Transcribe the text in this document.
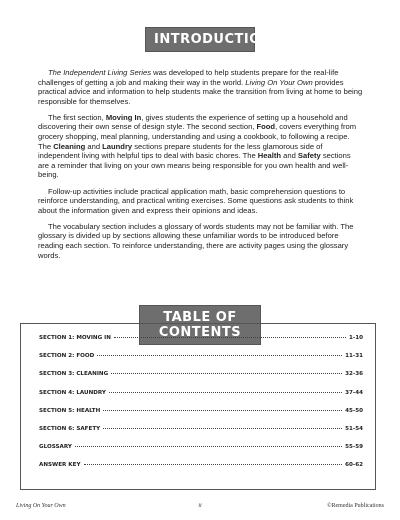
INTRODUCTION

The Independent Living Series was developed to help students prepare for the real-life challenges of getting a job and making their way in the world. Living On Your Own provides practical advice and information to help students make the transition from living at home to being responsible for themselves.

The first section, Moving In, gives students the experience of setting up a household and discovering their own sense of design style. The second section, Food, covers everything from grocery shopping, meal planning, understanding and using a cookbook, to following a recipe. The Cleaning and Laundry sections prepare students for the less glamorous side of independent living with helpful tips to deal with basic chores. The Health and Safety sections are a reminder that living on your own means being responsible for you own health and well-being.

Follow-up activities include practical application math, basic comprehension questions to reinforce understanding, and practical writing exercises. Some questions ask students to think about the information given and express their opinions and ideas.

The vocabulary section includes a glossary of words students may not be familiar with. The glossary is divided up by sections allowing these unfamiliar words to be introduced before reading each section. To reinforce understanding, there are activity pages using the glossary words.

TABLE OF CONTENTS
SECTION 1: MOVING IN	1-10
SECTION 2: FOOD	11-31
SECTION 3: CLEANING	32-36
SECTION 4: LAUNDRY	37-44
SECTION 5: HEALTH	45-50
SECTION 6: SAFETY	51-54
GLOSSARY	55-59
ANSWER KEY	60-62
Living On Your Own	ii	©Remedia Publications
